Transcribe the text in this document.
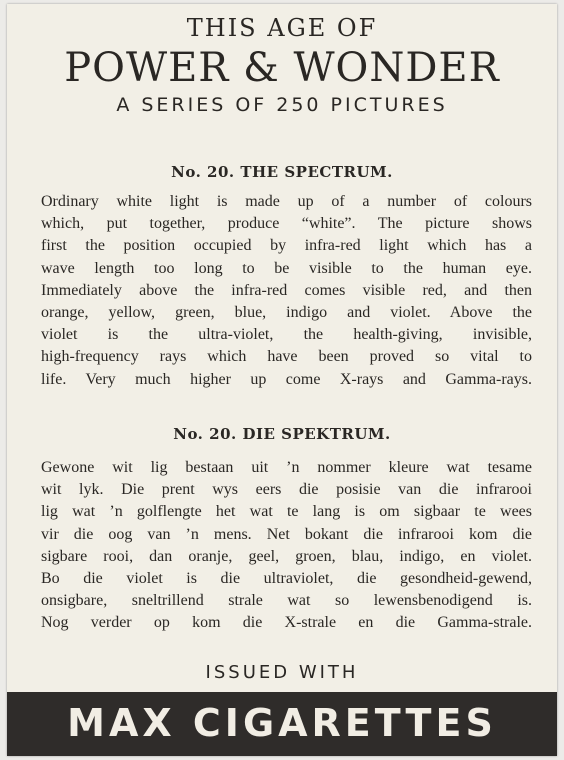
THIS AGE OF
POWER & WONDER
A SERIES OF 250 PICTURES
No. 20. THE SPECTRUM.
Ordinary white light is made up of a number of colours
which, put together, produce “white”. The picture shows
first the position occupied by infra-red light which has a
wave length too long to be visible to the human eye.
Immediately above the infra-red comes visible red, and then
orange, yellow, green, blue, indigo and violet. Above the
violet is the ultra-violet, the health-giving, invisible,
high-frequency rays which have been proved so vital to
life. Very much higher up come X-rays and Gamma-rays.
No. 20. DIE SPEKTRUM.
Gewone wit lig bestaan uit ’n nommer kleure wat tesame
wit lyk. Die prent wys eers die posisie van die infrarooi
lig wat ’n golflengte het wat te lang is om sigbaar te wees
vir die oog van ’n mens. Net bokant die infrarooi kom die
sigbare rooi, dan oranje, geel, groen, blau, indigo, en violet.
Bo die violet is die ultraviolet, die gesondheid-gewend,
onsigbare, sneltrillend strale wat so lewensbenodigend is.
Nog verder op kom die X-strale en die Gamma-strale.
ISSUED WITH
MAX CIGARETTES
